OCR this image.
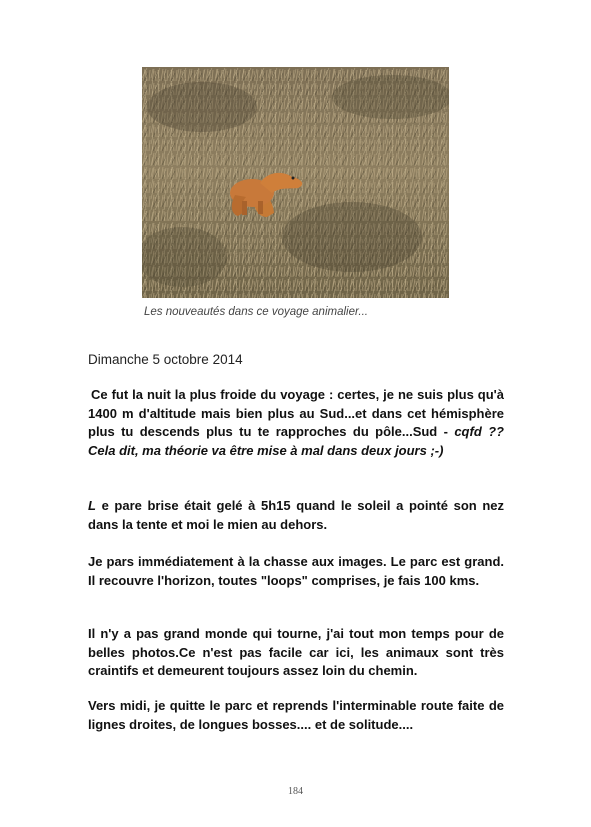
Les nouveautés dans ce voyage animalier...
Dimanche 5 octobre 2014
Ce fut la nuit la plus froide du voyage : certes, je ne suis plus qu'à 1400 m d'altitude mais bien plus au Sud...et dans cet hémisphère plus tu descends plus tu te rapproches du pôle...Sud - cqfd ?? Cela dit, ma théorie va être mise à mal dans deux jours ;-)
L e pare brise était gelé à 5h15 quand le soleil a pointé son nez dans la tente et moi le mien au dehors.
Je pars immédiatement à la chasse aux images. Le parc est grand. Il recouvre l'horizon, toutes "loops" comprises, je fais 100 kms.
Il n'y a pas grand monde qui tourne, j'ai tout mon temps pour de belles photos.Ce n'est pas facile car ici, les animaux sont très craintifs et demeurent toujours assez loin du chemin.
Vers midi, je quitte le parc et reprends l'interminable route faite de lignes droites, de longues bosses.... et de solitude....
184
